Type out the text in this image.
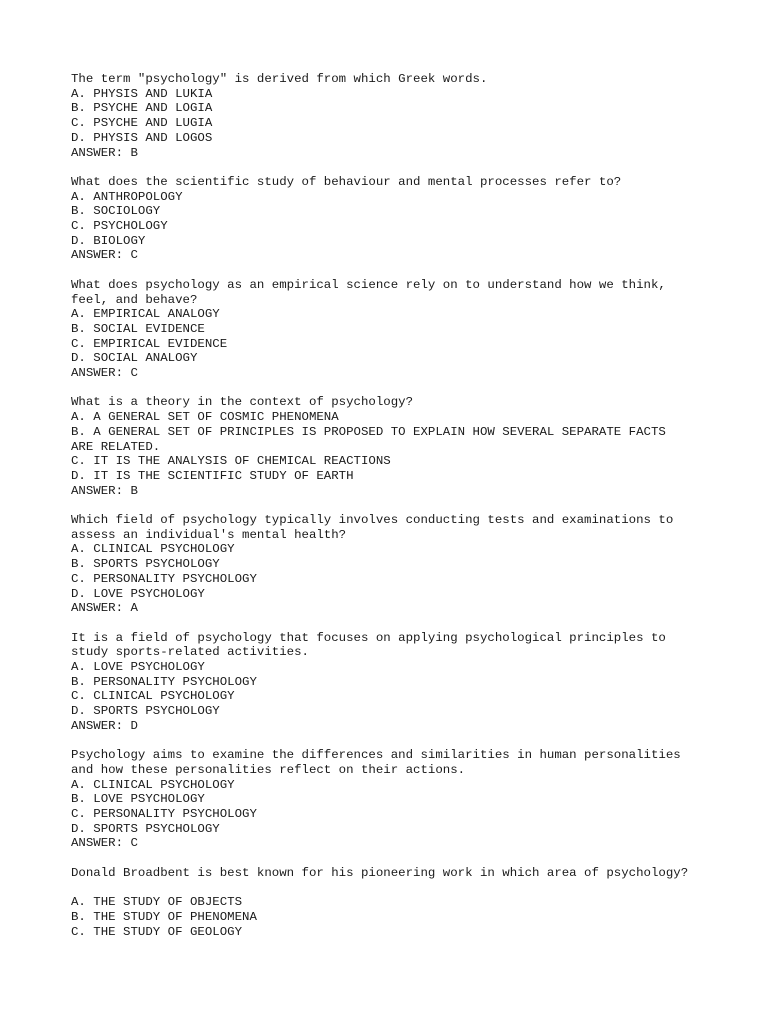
The term "psychology" is derived from which Greek words.
A. PHYSIS AND LUKIA
B. PSYCHE AND LOGIA
C. PSYCHE AND LUGIA
D. PHYSIS AND LOGOS
ANSWER: B
What does the scientific study of behaviour and mental processes refer to?
A. ANTHROPOLOGY
B. SOCIOLOGY
C. PSYCHOLOGY
D. BIOLOGY
ANSWER: C
What does psychology as an empirical science rely on to understand how we think,
feel, and behave?
A. EMPIRICAL ANALOGY
B. SOCIAL EVIDENCE
C. EMPIRICAL EVIDENCE
D. SOCIAL ANALOGY
ANSWER: C
What is a theory in the context of psychology?
A. A GENERAL SET OF COSMIC PHENOMENA
B. A GENERAL SET OF PRINCIPLES IS PROPOSED TO EXPLAIN HOW SEVERAL SEPARATE FACTS
ARE RELATED.
C. IT IS THE ANALYSIS OF CHEMICAL REACTIONS
D. IT IS THE SCIENTIFIC STUDY OF EARTH
ANSWER: B
Which field of psychology typically involves conducting tests and examinations to
assess an individual's mental health?
A. CLINICAL PSYCHOLOGY
B. SPORTS PSYCHOLOGY
C. PERSONALITY PSYCHOLOGY
D. LOVE PSYCHOLOGY
ANSWER: A
It is a field of psychology that focuses on applying psychological principles to
study sports-related activities.
A. LOVE PSYCHOLOGY
B. PERSONALITY PSYCHOLOGY
C. CLINICAL PSYCHOLOGY
D. SPORTS PSYCHOLOGY
ANSWER: D
Psychology aims to examine the differences and similarities in human personalities
and how these personalities reflect on their actions.
A. CLINICAL PSYCHOLOGY
B. LOVE PSYCHOLOGY
C. PERSONALITY PSYCHOLOGY
D. SPORTS PSYCHOLOGY
ANSWER: C
Donald Broadbent is best known for his pioneering work in which area of psychology?
A. THE STUDY OF OBJECTS
B. THE STUDY OF PHENOMENA
C. THE STUDY OF GEOLOGY
